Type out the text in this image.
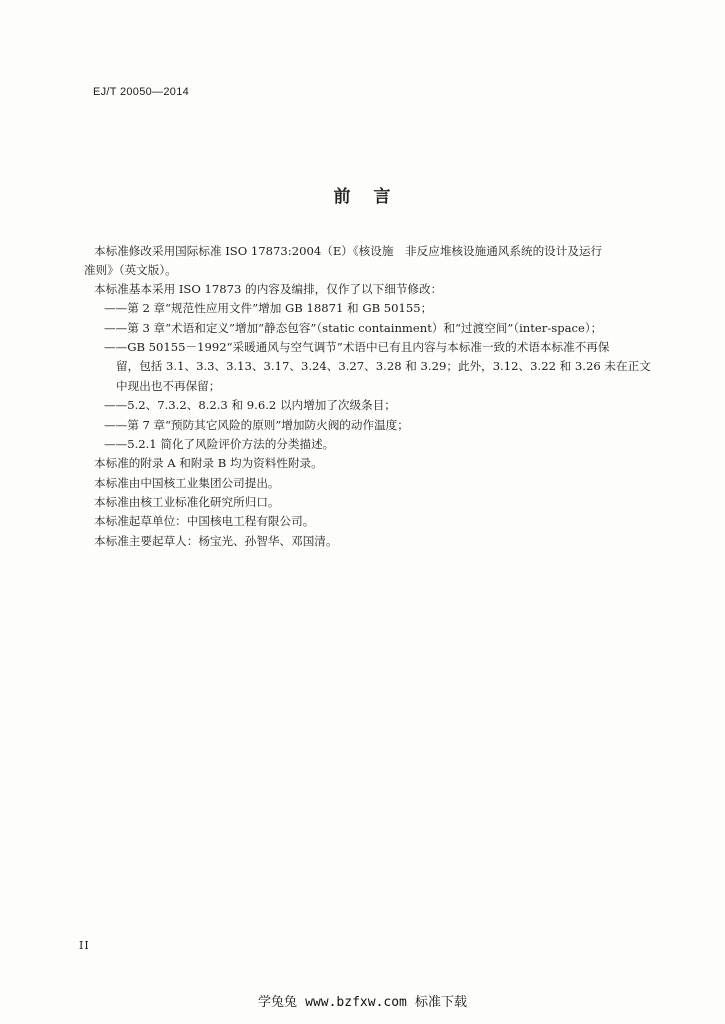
EJ/T 20050—2014
前 言
本标准修改采用国际标准 ISO 17873:2004（E）《核设施　非反应堆核设施通风系统的设计及运行
准则》（英文版）。
本标准基本采用 ISO 17873 的内容及编排，仅作了以下细节修改：
——第 2 章“规范性应用文件”增加 GB 18871 和 GB 50155；
——第 3 章“术语和定义”增加“静态包容”（static containment）和“过渡空间”（inter-space）；
——GB 50155－1992“采暖通风与空气调节”术语中已有且内容与本标准一致的术语本标准不再保
留，包括 3.1、3.3、3.13、3.17、3.24、3.27、3.28 和 3.29；此外，3.12、3.22 和 3.26 未在正文
中现出也不再保留；
——5.2、7.3.2、8.2.3 和 9.6.2 以内增加了次级条目；
——第 7 章“预防其它风险的原则”增加防火阀的动作温度；
——5.2.1 简化了风险评价方法的分类描述。
本标准的附录 A 和附录 B 均为资料性附录。
本标准由中国核工业集团公司提出。
本标准由核工业标准化研究所归口。
本标准起草单位：中国核电工程有限公司。
本标准主要起草人：杨宝光、孙智华、邓国清。
II
学兔兔 www.bzfxw.com 标准下载
